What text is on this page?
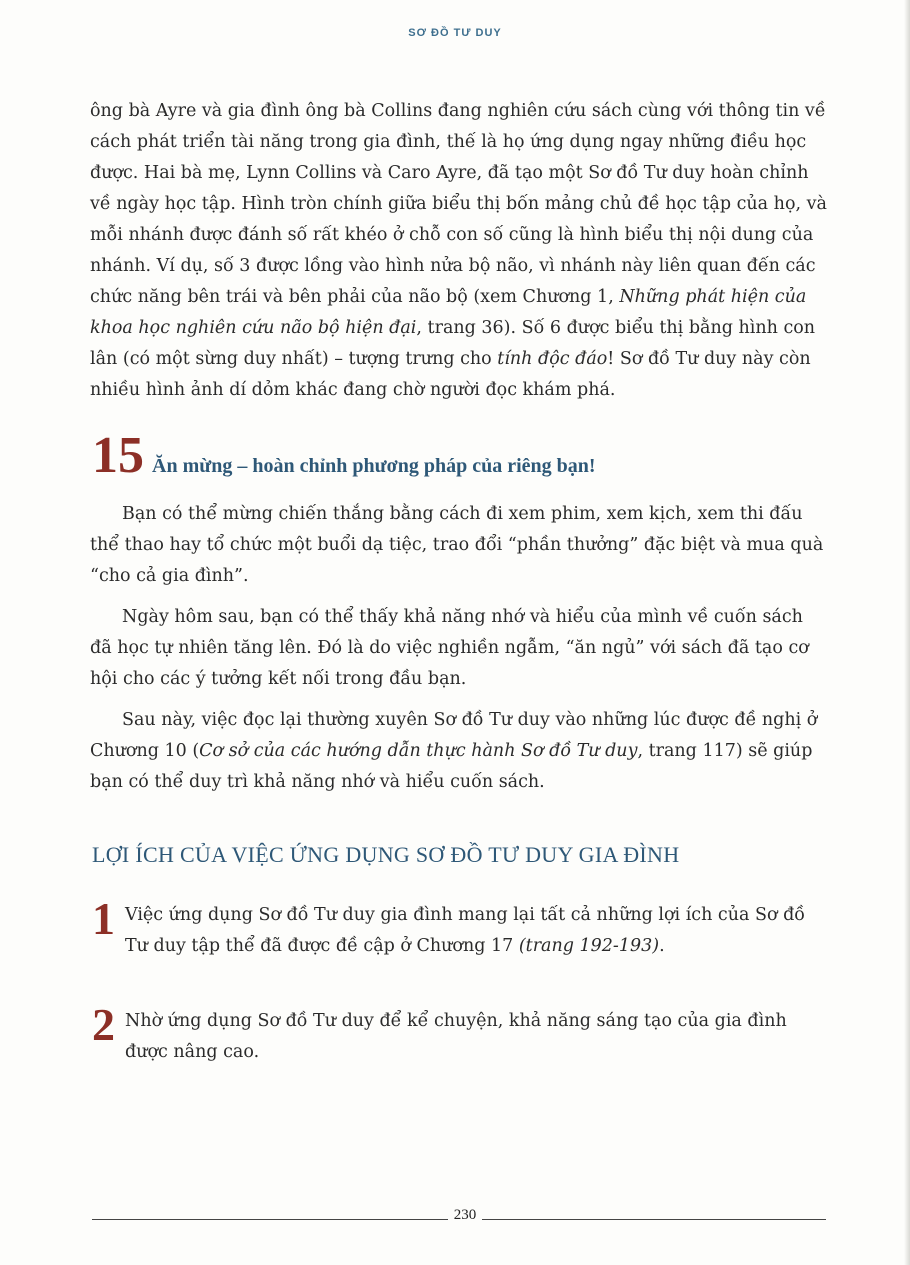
SƠ ĐỒ TƯ DUY

ông bà Ayre và gia đình ông bà Collins đang nghiên cứu sách cùng với thông tin về cách phát triển tài năng trong gia đình, thế là họ ứng dụng ngay những điều học được. Hai bà mẹ, Lynn Collins và Caro Ayre, đã tạo một Sơ đồ Tư duy hoàn chỉnh về ngày học tập. Hình tròn chính giữa biểu thị bốn mảng chủ đề học tập của họ, và mỗi nhánh được đánh số rất khéo ở chỗ con số cũng là hình biểu thị nội dung của nhánh. Ví dụ, số 3 được lồng vào hình nửa bộ não, vì nhánh này liên quan đến các chức năng bên trái và bên phải của não bộ (xem Chương 1, Những phát hiện của khoa học nghiên cứu não bộ hiện đại, trang 36). Số 6 được biểu thị bằng hình con lân (có một sừng duy nhất) – tượng trưng cho tính độc đáo! Sơ đồ Tư duy này còn nhiều hình ảnh dí dỏm khác đang chờ người đọc khám phá.

15 Ăn mừng – hoàn chỉnh phương pháp của riêng bạn!

Bạn có thể mừng chiến thắng bằng cách đi xem phim, xem kịch, xem thi đấu thể thao hay tổ chức một buổi dạ tiệc, trao đổi “phần thưởng” đặc biệt và mua quà “cho cả gia đình”.

Ngày hôm sau, bạn có thể thấy khả năng nhớ và hiểu của mình về cuốn sách đã học tự nhiên tăng lên. Đó là do việc nghiền ngẫm, “ăn ngủ” với sách đã tạo cơ hội cho các ý tưởng kết nối trong đầu bạn.

Sau này, việc đọc lại thường xuyên Sơ đồ Tư duy vào những lúc được đề nghị ở Chương 10 (Cơ sở của các hướng dẫn thực hành Sơ đồ Tư duy, trang 117) sẽ giúp bạn có thể duy trì khả năng nhớ và hiểu cuốn sách.

LỢI ÍCH CỦA VIỆC ỨNG DỤNG SƠ ĐỒ TƯ DUY GIA ĐÌNH

1 Việc ứng dụng Sơ đồ Tư duy gia đình mang lại tất cả những lợi ích của Sơ đồ Tư duy tập thể đã được đề cập ở Chương 17 (trang 192-193).

2 Nhờ ứng dụng Sơ đồ Tư duy để kể chuyện, khả năng sáng tạo của gia đình được nâng cao.

230
